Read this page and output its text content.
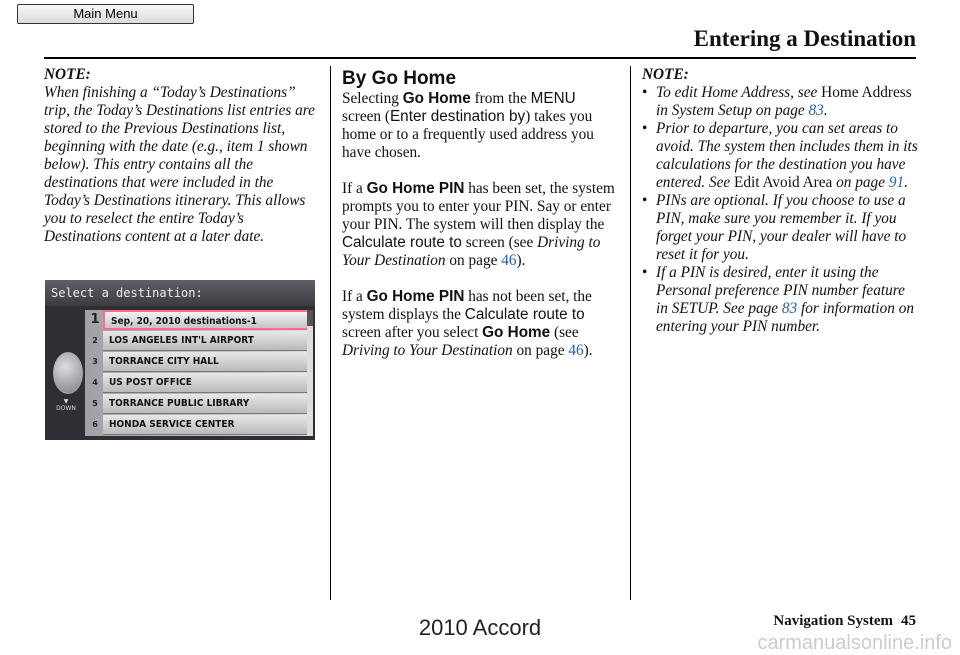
Main Menu
Entering a Destination

NOTE:

When finishing a “Today’s Destinations” trip, the Today’s Destinations list entries are stored to the Previous Destinations list, beginning with the date (e.g., item 1 shown below). This entry contains all the destinations that were included in the Today’s Destinations itinerary. This allows you to reselect the entire Today’s Destinations content at a later date.

Select a destination:
▼
DOWN
1	Sep, 20, 2010 destinations-1
2	LOS ANGELES INT'L AIRPORT
3	TORRANCE CITY HALL
4	US POST OFFICE
5	TORRANCE PUBLIC LIBRARY
6	HONDA SERVICE CENTER
By Go Home

Selecting Go Home from the MENU screen (Enter destination by) takes you home or to a frequently used address you have chosen.

If a Go Home PIN has been set, the system prompts you to enter your PIN. Say or enter your PIN. The system will then display the Calculate route to screen (see Driving to Your Destination on page 46).

If a Go Home PIN has not been set, the system displays the Calculate route to screen after you select Go Home (see Driving to Your Destination on page 46).

NOTE:

• To edit Home Address, see Home Address in System Setup on page 83.
• Prior to departure, you can set areas to avoid. The system then includes them in its calculations for the destination you have entered. See Edit Avoid Area on page 91.
• PINs are optional. If you choose to use a PIN, make sure you remember it. If you forget your PIN, your dealer will have to reset it for you.
• If a PIN is desired, enter it using the Personal preference PIN number feature in SETUP. See page 83 for information on entering your PIN number.
Navigation System 45
2010 Accord
carmanualsonline.info
